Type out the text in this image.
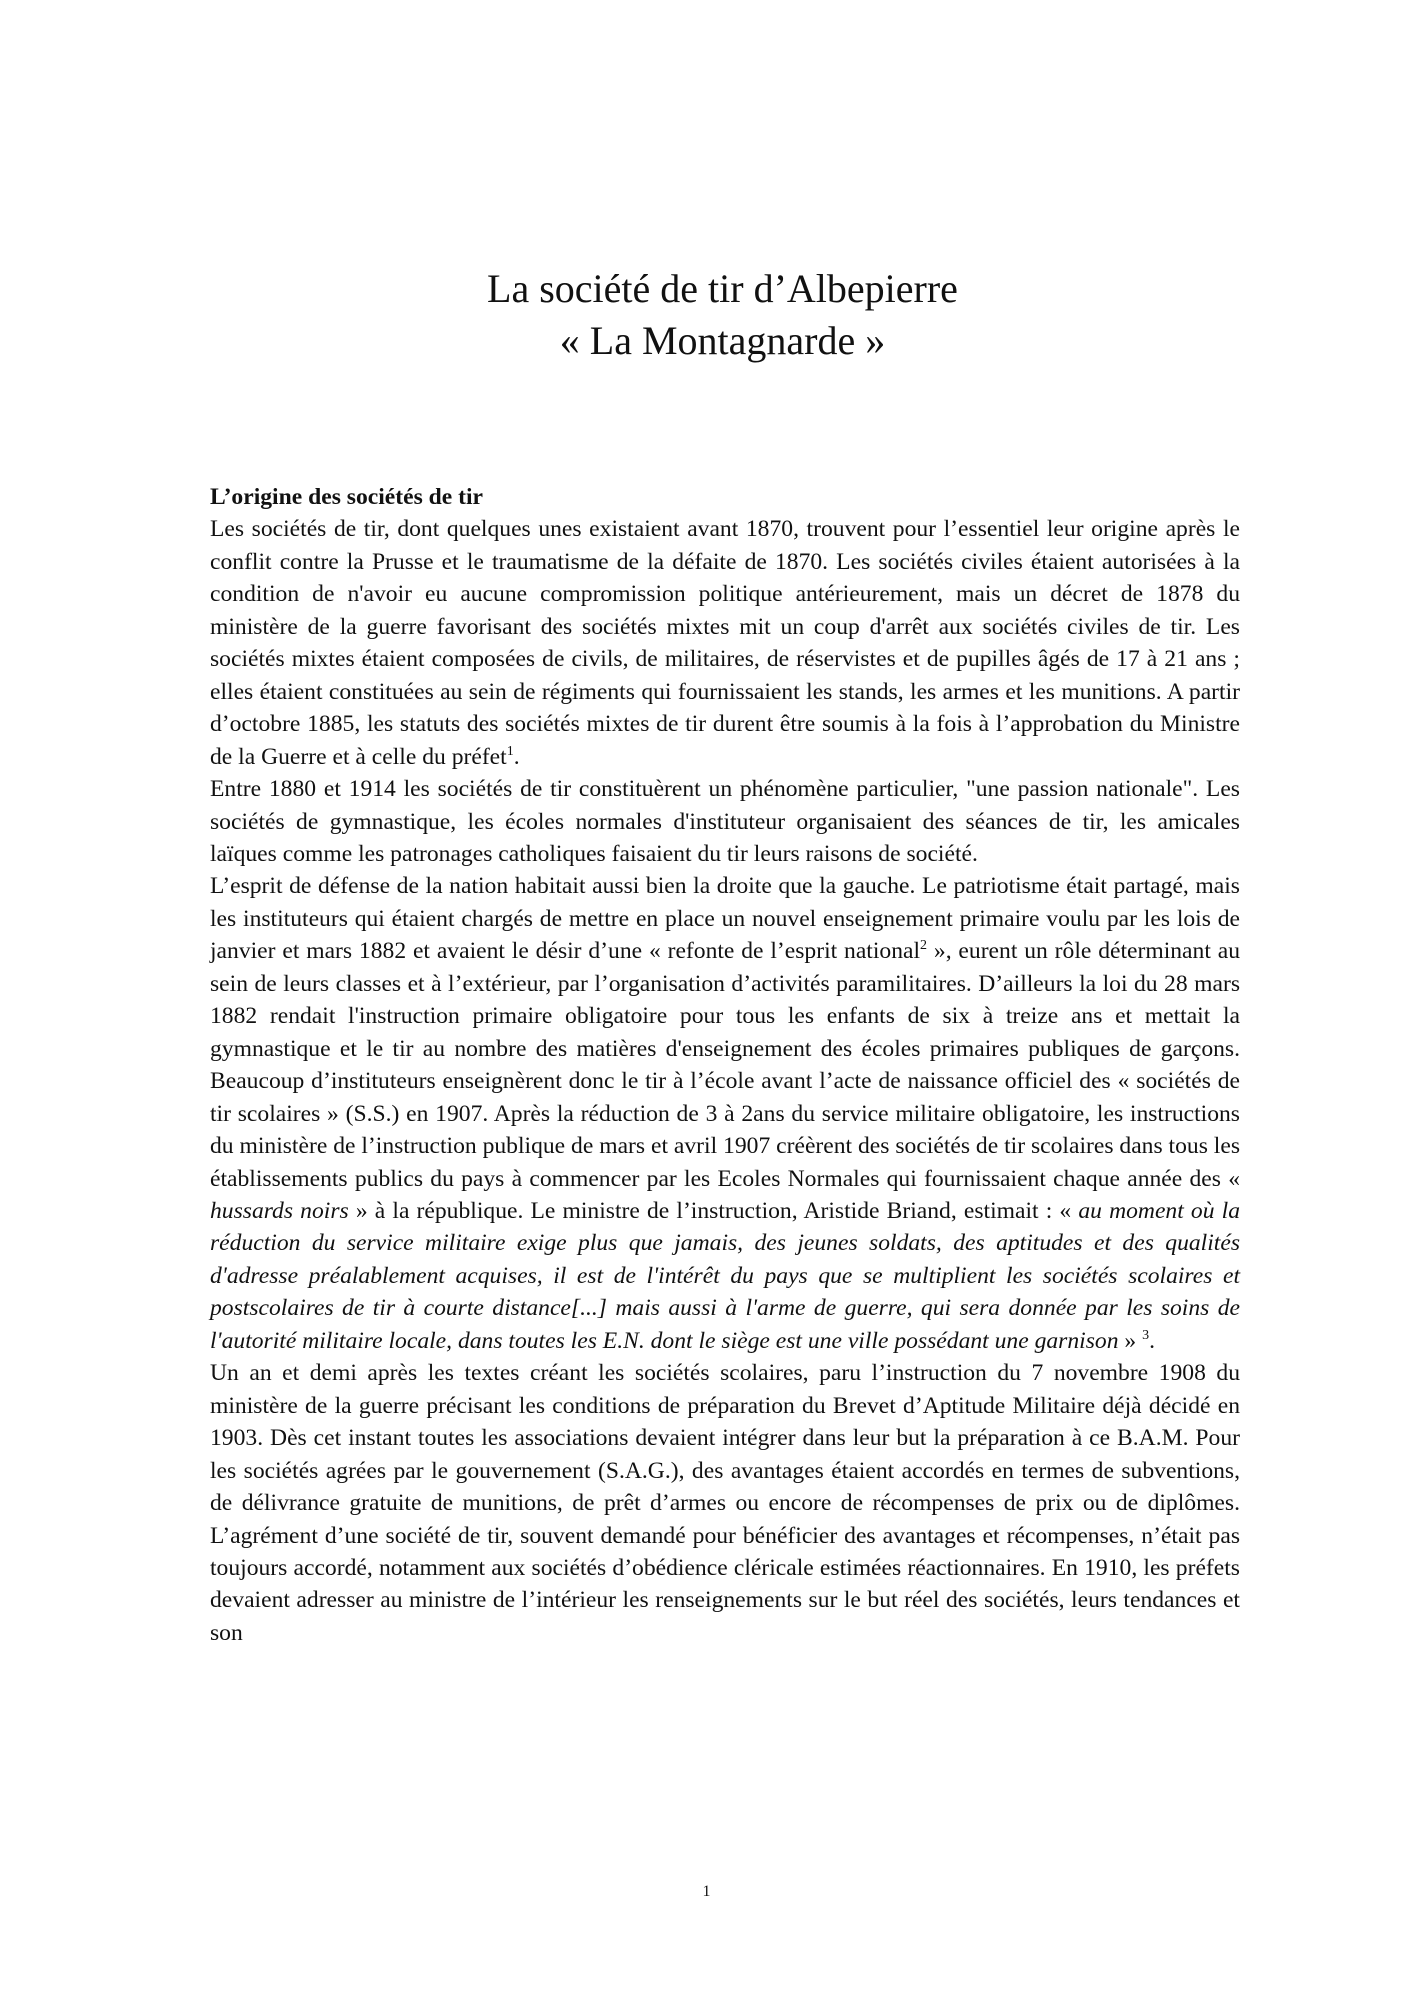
La société de tir d’Albepierre
« La Montagnarde »
L’origine des sociétés de tir

Les sociétés de tir, dont quelques unes existaient avant 1870, trouvent pour l’essentiel leur origine après le conflit contre la Prusse et le traumatisme de la défaite de 1870. Les sociétés civiles étaient autorisées à la condition de n'avoir eu aucune compromission politique antérieurement, mais un décret de 1878 du ministère de la guerre favorisant des sociétés mixtes mit un coup d'arrêt aux sociétés civiles de tir. Les sociétés mixtes étaient composées de civils, de militaires, de réservistes et de pupilles âgés de 17 à 21 ans ; elles étaient constituées au sein de régiments qui fournissaient les stands, les armes et les munitions. A partir d’octobre 1885, les statuts des sociétés mixtes de tir durent être soumis à la fois à l’approbation du Ministre de la Guerre et à celle du préfet$^1$.

Entre 1880 et 1914 les sociétés de tir constituèrent un phénomène particulier, "une passion nationale". Les sociétés de gymnastique, les écoles normales d'instituteur organisaient des séances de tir, les amicales laïques comme les patronages catholiques faisaient du tir leurs raisons de société.

L’esprit de défense de la nation habitait aussi bien la droite que la gauche. Le patriotisme était partagé, mais les instituteurs qui étaient chargés de mettre en place un nouvel enseignement primaire voulu par les lois de janvier et mars 1882 et avaient le désir d’une « refonte de l’esprit national$^2$ », eurent un rôle déterminant au sein de leurs classes et à l’extérieur, par l’organisation d’activités paramilitaires. D’ailleurs la loi du 28 mars 1882 rendait l'instruction primaire obligatoire pour tous les enfants de six à treize ans et mettait la gymnastique et le tir au nombre des matières d'enseignement des écoles primaires publiques de garçons. Beaucoup d’instituteurs enseignèrent donc le tir à l’école avant l’acte de naissance officiel des « sociétés de tir scolaires » (S.S.) en 1907. Après la réduction de 3 à 2ans du service militaire obligatoire, les instructions du ministère de l’instruction publique de mars et avril 1907 créèrent des sociétés de tir scolaires dans tous les établissements publics du pays à commencer par les Ecoles Normales qui fournissaient chaque année des « hussards noirs » à la république. Le ministre de l’instruction, Aristide Briand, estimait : « au moment où la réduction du service militaire exige plus que jamais, des jeunes soldats, des aptitudes et des qualités d'adresse préalablement acquises, il est de l'intérêt du pays que se multiplient les sociétés scolaires et postscolaires de tir à courte distance[...] mais aussi à l'arme de guerre, qui sera donnée par les soins de l'autorité militaire locale, dans toutes les E.N. dont le siège est une ville possédant une garnison » $^3$.

Un an et demi après les textes créant les sociétés scolaires, paru l’instruction du 7 novembre 1908 du ministère de la guerre précisant les conditions de préparation du Brevet d’Aptitude Militaire déjà décidé en 1903. Dès cet instant toutes les associations devaient intégrer dans leur but la préparation à ce B.A.M. Pour les sociétés agrées par le gouvernement (S.A.G.), des avantages étaient accordés en termes de subventions, de délivrance gratuite de munitions, de prêt d’armes ou encore de récompenses de prix ou de diplômes. L’agrément d’une société de tir, souvent demandé pour bénéficier des avantages et récompenses, n’était pas toujours accordé, notamment aux sociétés d’obédience cléricale estimées réactionnaires. En 1910, les préfets devaient adresser au ministre de l’intérieur les renseignements sur le but réel des sociétés, leurs tendances et son

1
